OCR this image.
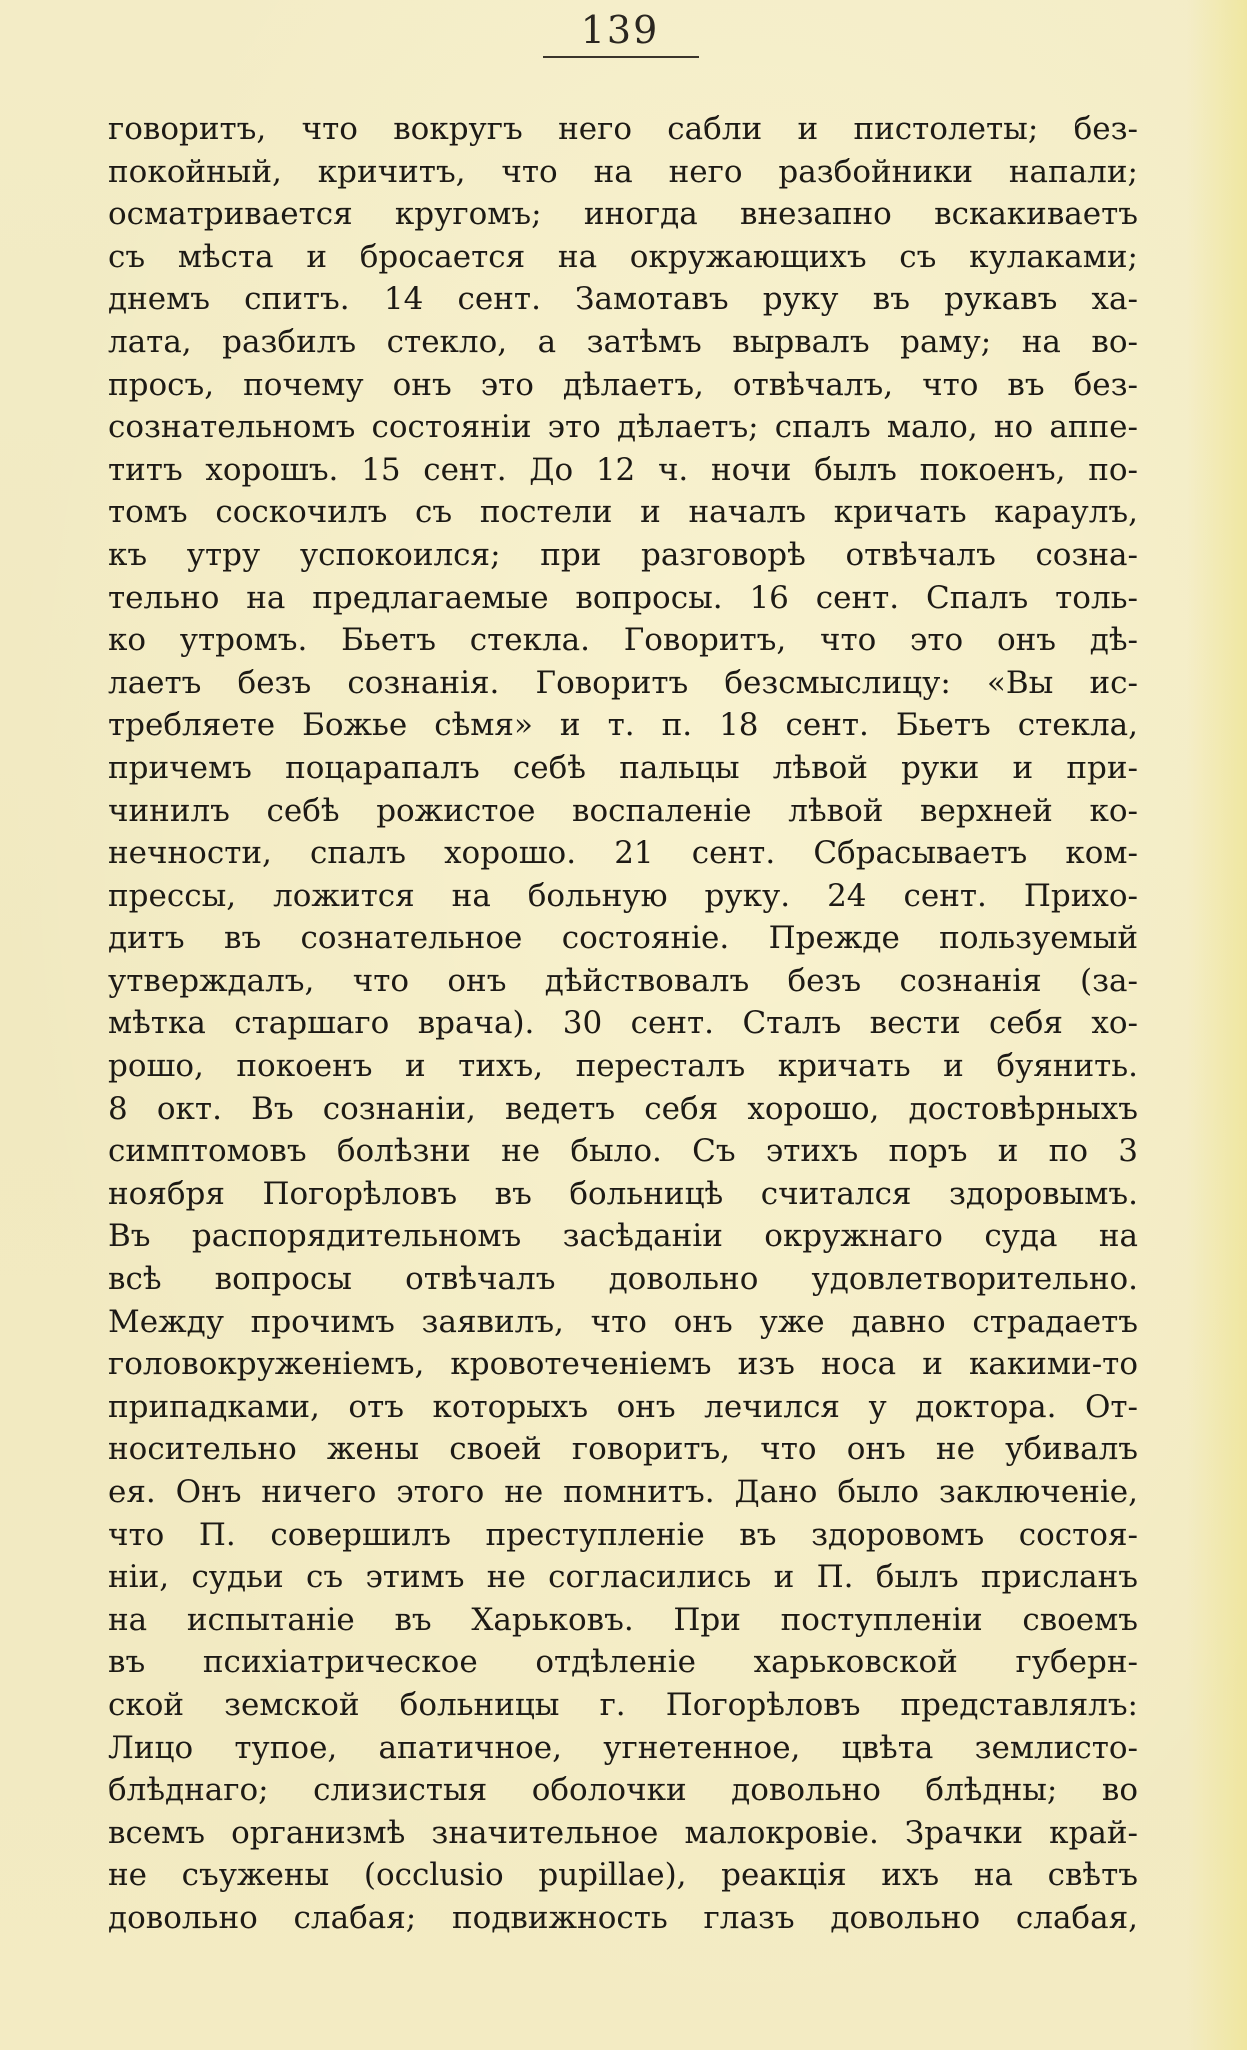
139
говоритъ, что вокругъ него сабли и пистолеты; без-
покойный, кричитъ, что на него разбойники напали;
осматривается кругомъ; иногда внезапно вскакиваетъ
съ мѣста и бросается на окружающихъ съ кулаками;
днемъ спитъ. 14 сент. Замотавъ руку въ рукавъ ха-
лата, разбилъ стекло, а затѣмъ вырвалъ раму; на во-
просъ, почему онъ это дѣлаетъ, отвѣчалъ, что въ без-
сознательномъ состояніи это дѣлаетъ; спалъ мало, но аппе-
титъ хорошъ. 15 сент. До 12 ч. ночи былъ покоенъ, по-
томъ соскочилъ съ постели и началъ кричать караулъ,
къ утру успокоился; при разговорѣ отвѣчалъ созна-
тельно на предлагаемые вопросы. 16 сент. Спалъ толь-
ко утромъ. Бьетъ стекла. Говоритъ, что это онъ дѣ-
лаетъ безъ сознанія. Говоритъ безсмыслицу: «Вы ис-
требляете Божье сѣмя» и т. п. 18 сент. Бьетъ стекла,
причемъ поцарапалъ себѣ пальцы лѣвой руки и при-
чинилъ себѣ рожистое воспаленіе лѣвой верхней ко-
нечности, спалъ хорошо. 21 сент. Сбрасываетъ ком-
прессы, ложится на больную руку. 24 сент. Прихо-
дитъ въ сознательное состояніе. Прежде пользуемый
утверждалъ, что онъ дѣйствовалъ безъ сознанія (за-
мѣтка старшаго врача). 30 сент. Сталъ вести себя хо-
рошо, покоенъ и тихъ, пересталъ кричать и буянить.
8 окт. Въ сознаніи, ведетъ себя хорошо, достовѣрныхъ
симптомовъ болѣзни не было. Съ этихъ поръ и по 3
ноября Погорѣловъ въ больницѣ считался здоровымъ.
Въ распорядительномъ засѣданіи окружнаго суда на
всѣ вопросы отвѣчалъ довольно удовлетворительно.
Между прочимъ заявилъ, что онъ уже давно страдаетъ
головокруженіемъ, кровотеченіемъ изъ носа и какими-то
припадками, отъ которыхъ онъ лечился у доктора. От-
носительно жены своей говоритъ, что онъ не убивалъ
ея. Онъ ничего этого не помнитъ. Дано было заключеніе,
что П. совершилъ преступленіе въ здоровомъ состоя-
ніи, судьи съ этимъ не согласились и П. былъ присланъ
на испытаніе въ Харьковъ. При поступленіи своемъ
въ психіатрическое отдѣленіе харьковской губерн-
ской земской больницы г. Погорѣловъ представлялъ:
Лицо тупое, апатичное, угнетенное, цвѣта землисто-
блѣднаго; слизистыя оболочки довольно блѣдны; во
всемъ организмѣ значительное малокровіе. Зрачки край-
не съужены (occlusio pupillae), реакція ихъ на свѣтъ
довольно слабая; подвижность глазъ довольно слабая,
